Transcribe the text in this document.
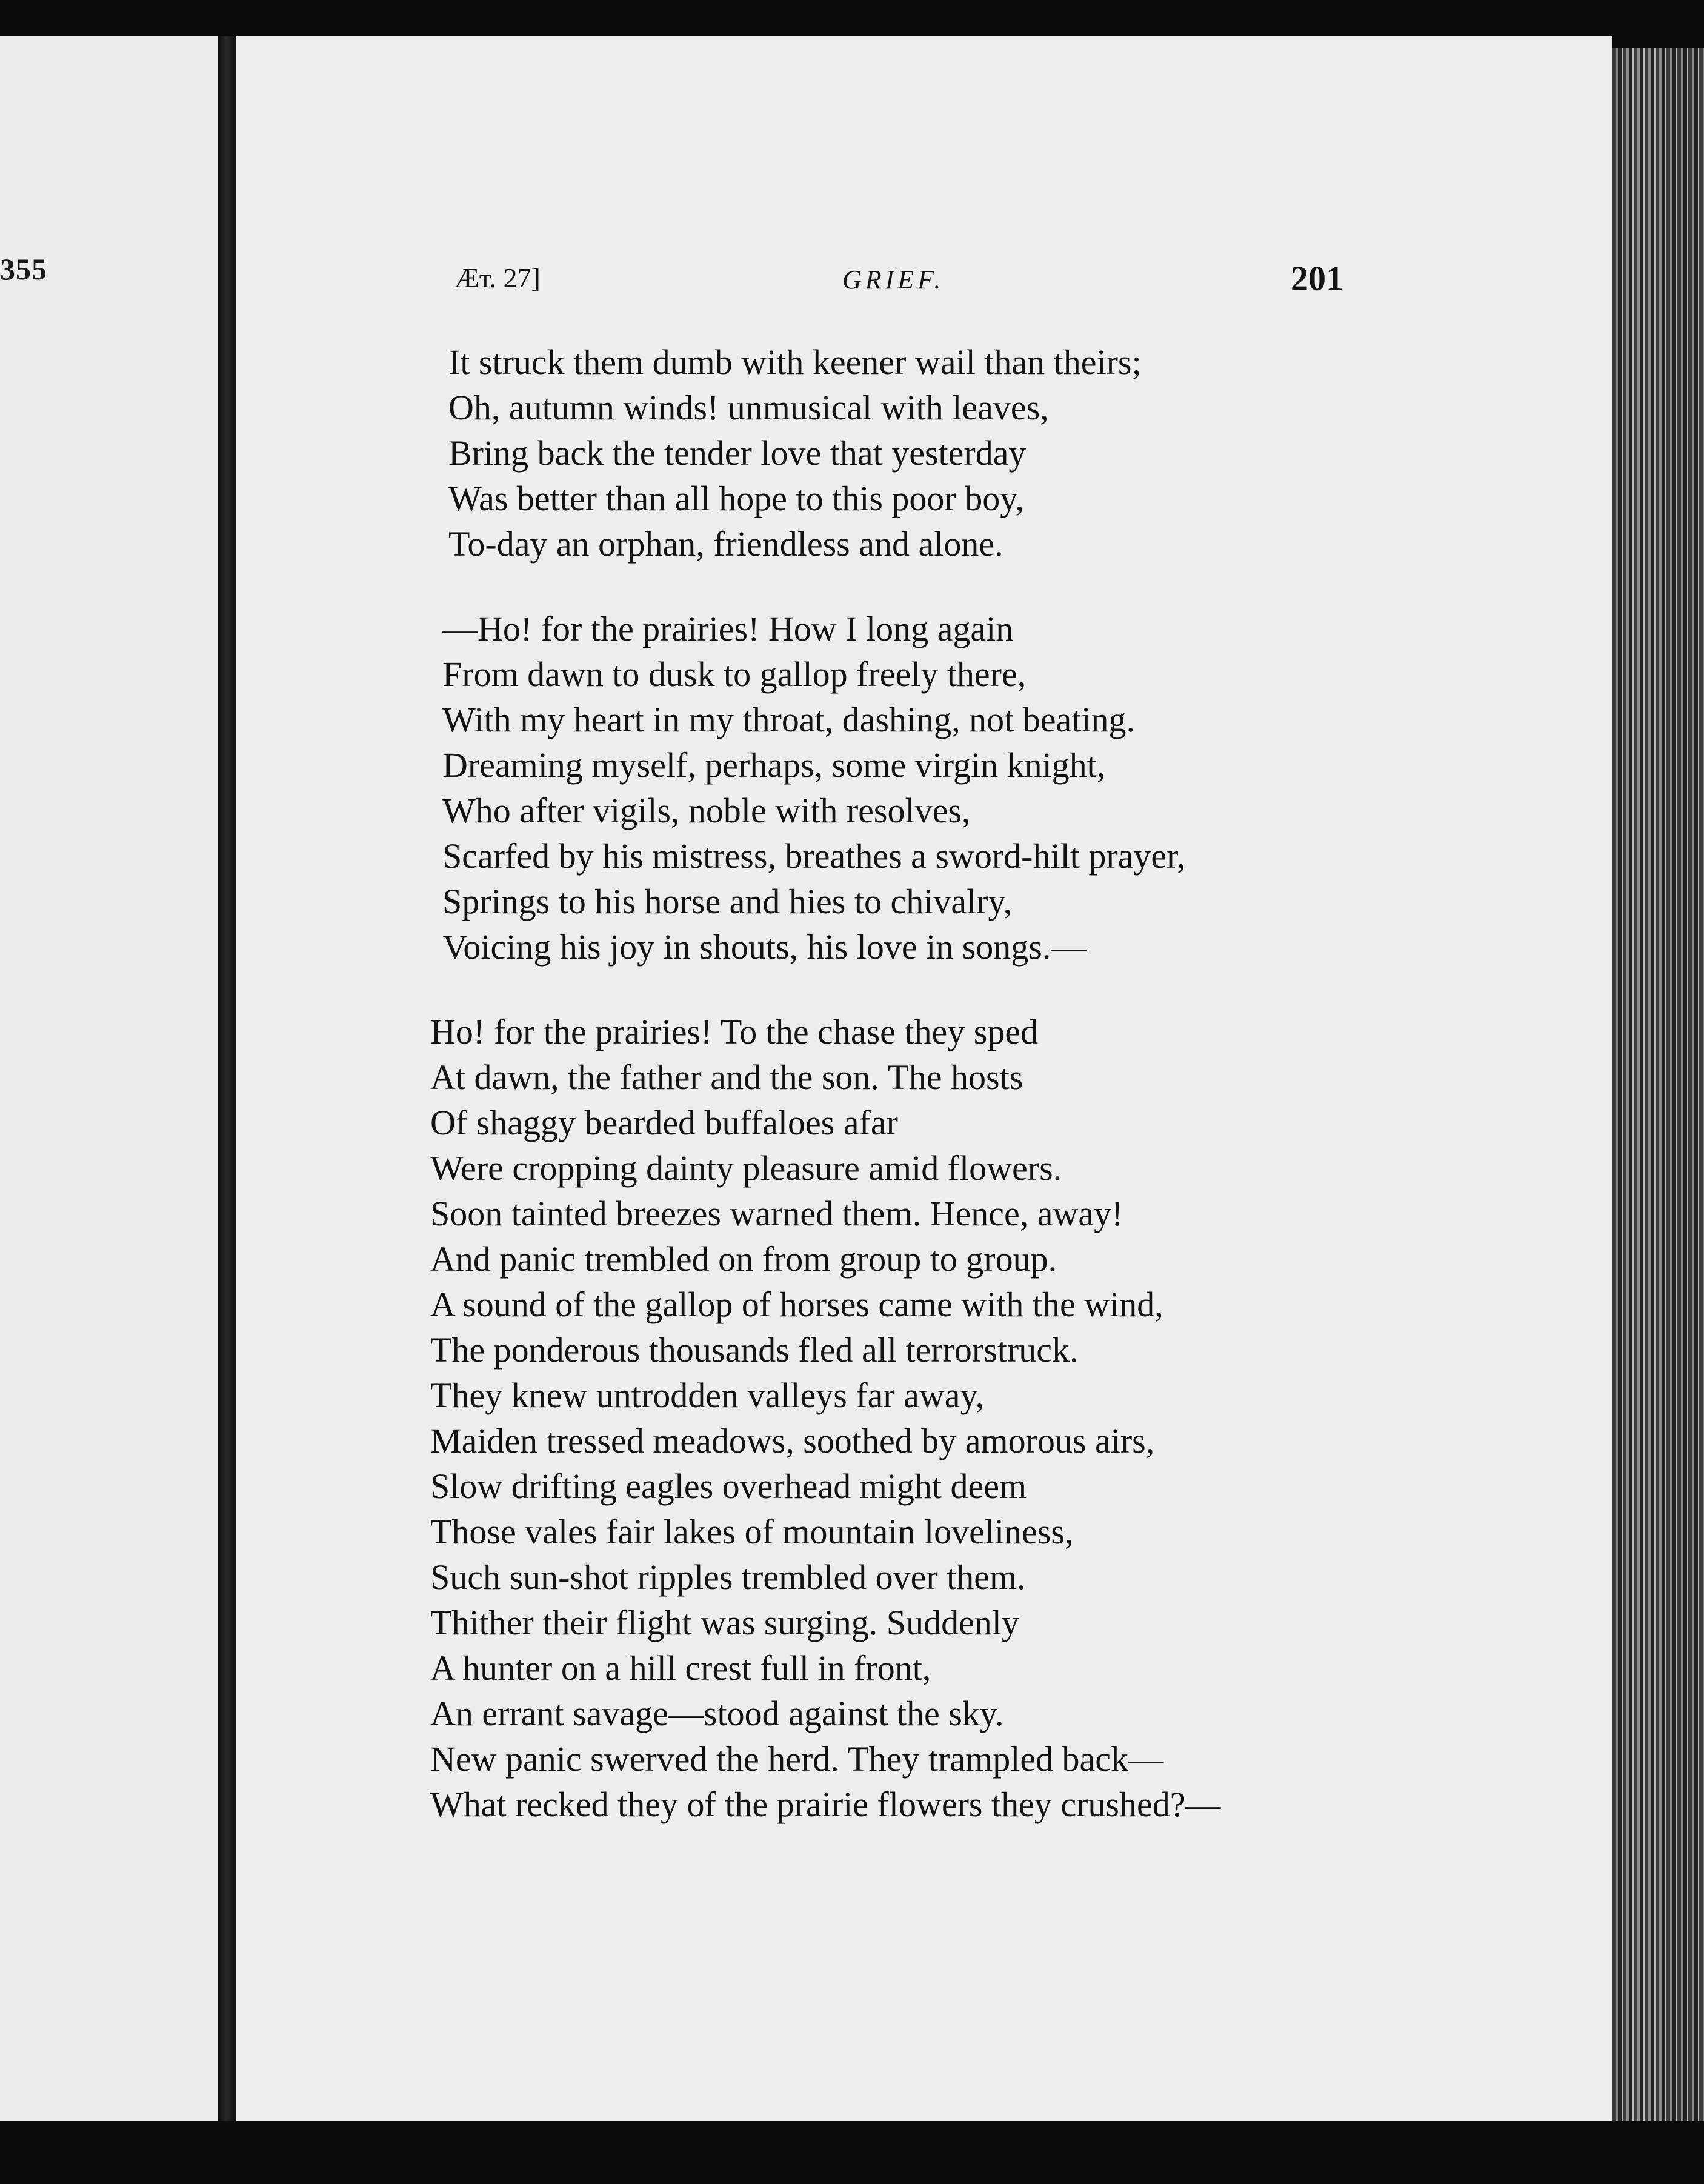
355	Æт. 27]	GRIEF.	201
It struck them dumb with keener wail than theirs;
Oh, autumn winds! unmusical with leaves,
Bring back the tender love that yesterday
Was better than all hope to this poor boy,
To-day an orphan, friendless and alone.
—Ho! for the prairies! How I long again
From dawn to dusk to gallop freely there,
With my heart in my throat, dashing, not beating.
Dreaming myself, perhaps, some virgin knight,
Who after vigils, noble with resolves,
Scarfed by his mistress, breathes a sword-hilt prayer,
Springs to his horse and hies to chivalry,
Voicing his joy in shouts, his love in songs.—
Ho! for the prairies! To the chase they sped
At dawn, the father and the son. The hosts
Of shaggy bearded buffaloes afar
Were cropping dainty pleasure amid flowers.
Soon tainted breezes warned them. Hence, away!
And panic trembled on from group to group.
A sound of the gallop of horses came with the wind,
The ponderous thousands fled all terrorstruck.
They knew untrodden valleys far away,
Maiden tressed meadows, soothed by amorous airs,
Slow drifting eagles overhead might deem
Those vales fair lakes of mountain loveliness,
Such sun-shot ripples trembled over them.
Thither their flight was surging. Suddenly
A hunter on a hill crest full in front,
An errant savage—stood against the sky.
New panic swerved the herd. They trampled back—
What recked they of the prairie flowers they crushed?—
